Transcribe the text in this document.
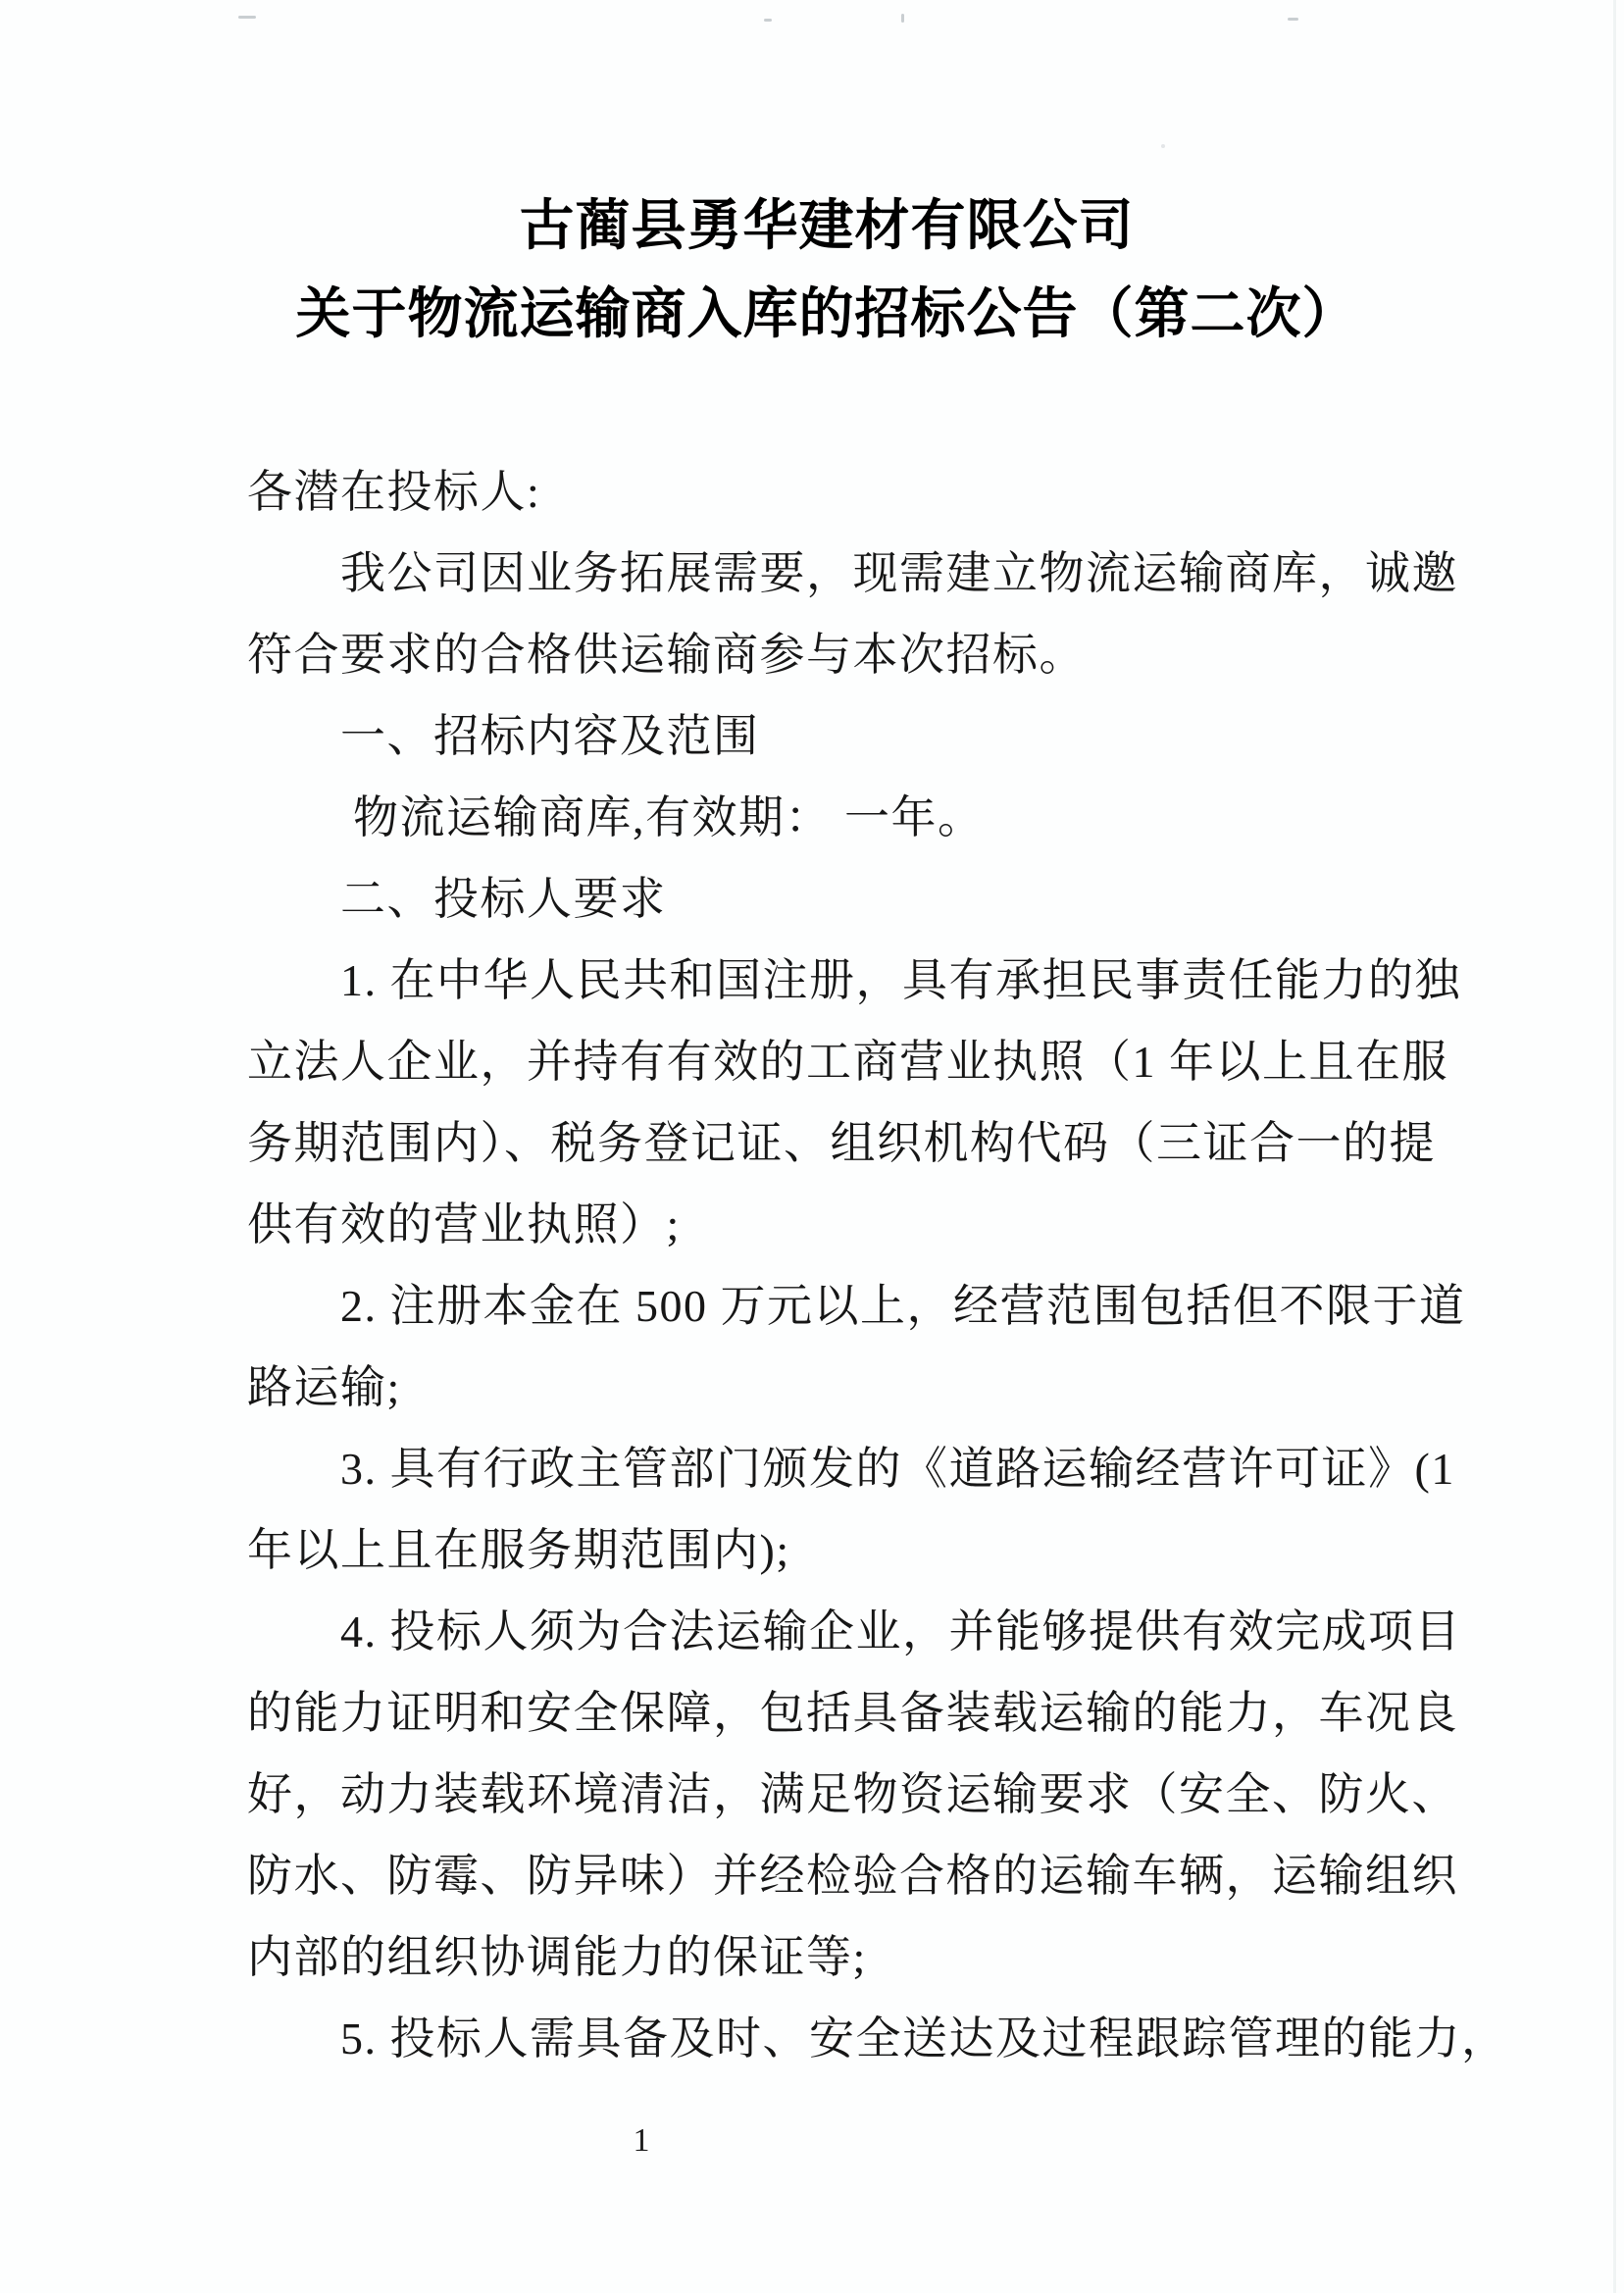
古蔺县勇华建材有限公司
关于物流运输商入库的招标公告（第二次）
各潜在投标人:
　　我公司因业务拓展需要，现需建立物流运输商库，诚邀
符合要求的合格供运输商参与本次招标。
　　一、招标内容及范围
　　 物流运输商库,有效期： 一年。
　　二、投标人要求
　　1. 在中华人民共和国注册，具有承担民事责任能力的独
立法人企业，并持有有效的工商营业执照（1 年以上且在服
务期范围内）、税务登记证、组织机构代码（三证合一的提
供有效的营业执照）;
　　2. 注册本金在 500 万元以上，经营范围包括但不限于道
路运输;
　　3. 具有行政主管部门颁发的《道路运输经营许可证》(1
年以上且在服务期范围内);
　　4. 投标人须为合法运输企业，并能够提供有效完成项目
的能力证明和安全保障，包括具备装载运输的能力，车况良
好，动力装载环境清洁，满足物资运输要求（安全、防火、
防水、防霉、防异味）并经检验合格的运输车辆，运输组织
内部的组织协调能力的保证等;
　　5. 投标人需具备及时、安全送达及过程跟踪管理的能力，
1
